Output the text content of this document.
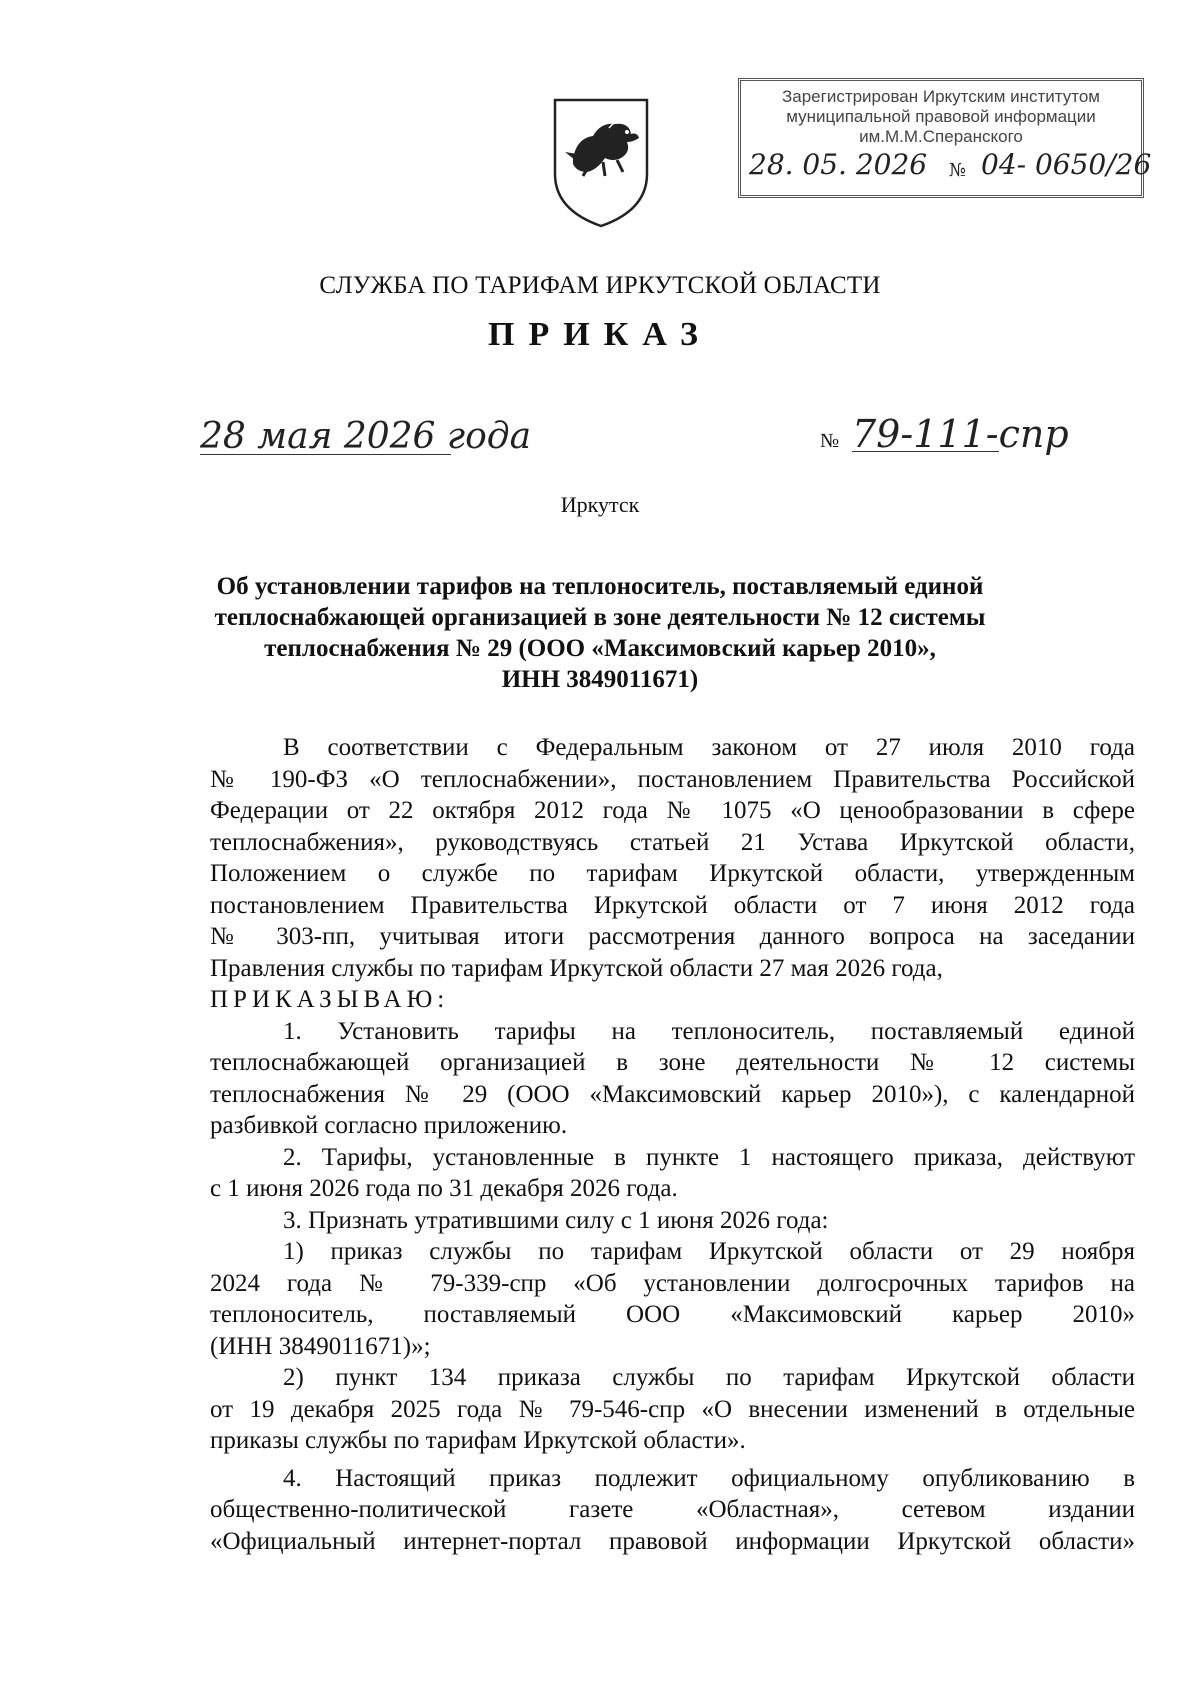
Зарегистрирован Иркутским институтом
муниципальной правовой информации
им.М.М.Сперанского
28. 05. 2026 № 04- 0650/26
СЛУЖБА ПО ТАРИФАМ ИРКУТСКОЙ ОБЛАСТИ
ПРИКАЗ
28 мая 2026 года	№ 79-111-спр
Иркутск
Об установлении тарифов на теплоноситель, поставляемый единой
теплоснабжающей организацией в зоне деятельности № 12 системы
теплоснабжения № 29 (ООО «Максимовский карьер 2010»,
ИНН 3849011671)

В соответствии с Федеральным законом от 27 июля 2010 года

№ 190-ФЗ «О теплоснабжении», постановлением Правительства Российской

Федерации от 22 октября 2012 года № 1075 «О ценообразовании в сфере

теплоснабжения», руководствуясь статьей 21 Устава Иркутской области,

Положением о службе по тарифам Иркутской области, утвержденным

постановлением Правительства Иркутской области от 7 июня 2012 года

№ 303-пп, учитывая итоги рассмотрения данного вопроса на заседании

Правления службы по тарифам Иркутской области 27 мая 2026 года,

ПРИКАЗЫВАЮ:

1. Установить тарифы на теплоноситель, поставляемый единой

теплоснабжающей организацией в зоне деятельности № 12 системы

теплоснабжения № 29 (ООО «Максимовский карьер 2010»), с календарной

разбивкой согласно приложению.

2. Тарифы, установленные в пункте 1 настоящего приказа, действуют

с 1 июня 2026 года по 31 декабря 2026 года.

3. Признать утратившими силу с 1 июня 2026 года:

1) приказ службы по тарифам Иркутской области от 29 ноября

2024 года № 79-339-спр «Об установлении долгосрочных тарифов на

теплоноситель, поставляемый ООО «Максимовский карьер 2010»

(ИНН 3849011671)»;

2) пункт 134 приказа службы по тарифам Иркутской области

от 19 декабря 2025 года № 79-546-спр «О внесении изменений в отдельные

приказы службы по тарифам Иркутской области».

4. Настоящий приказ подлежит официальному опубликованию в

общественно-политической газете «Областная», сетевом издании

«Официальный интернет-портал правовой информации Иркутской области»
